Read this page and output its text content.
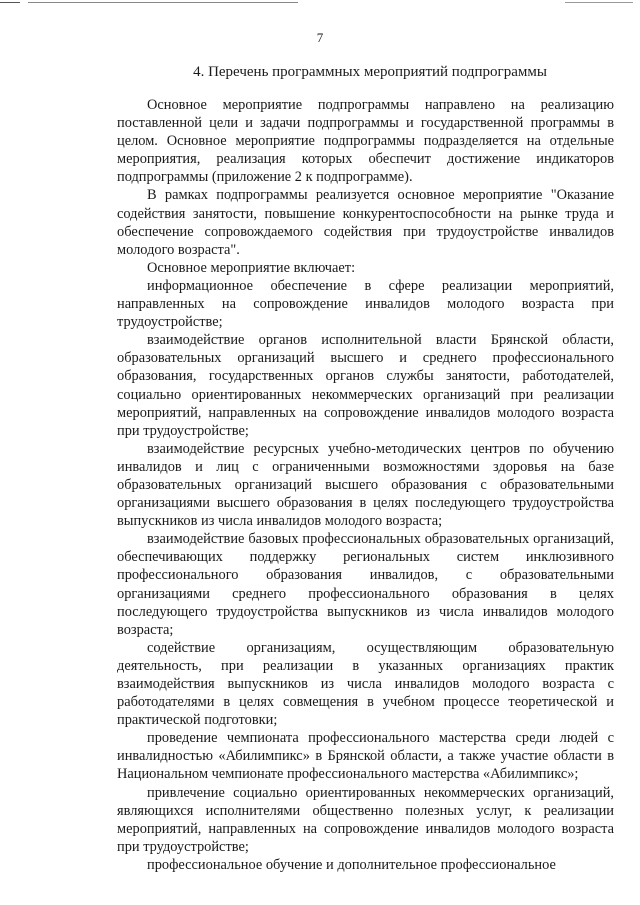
7
4. Перечень программных мероприятий подпрограммы

Основное мероприятие подпрограммы направлено на реализацию поставленной цели и задачи подпрограммы и государственной программы в целом. Основное мероприятие подпрограммы подразделяется на отдельные мероприятия, реализация которых обеспечит достижение индикаторов подпрограммы (приложение 2 к подпрограмме).

В рамках подпрограммы реализуется основное мероприятие "Оказание содействия занятости, повышение конкурентоспособности на рынке труда и обеспечение сопровождаемого содействия при трудоустройстве инвалидов молодого возраста".

Основное мероприятие включает:

информационное обеспечение в сфере реализации мероприятий, направленных на сопровождение инвалидов молодого возраста при трудоустройстве;

взаимодействие органов исполнительной власти Брянской области, образовательных организаций высшего и среднего профессионального образования, государственных органов службы занятости, работодателей, социально ориентированных некоммерческих организаций при реализации мероприятий, направленных на сопровождение инвалидов молодого возраста при трудоустройстве;

взаимодействие ресурсных учебно-методических центров по обучению инвалидов и лиц с ограниченными возможностями здоровья на базе образовательных организаций высшего образования с образовательными организациями высшего образования в целях последующего трудоустройства выпускников из числа инвалидов молодого возраста;

взаимодействие базовых профессиональных образовательных организаций, обеспечивающих поддержку региональных систем инклюзивного профессионального образования инвалидов, с образовательными организациями среднего профессионального образования в целях последующего трудоустройства выпускников из числа инвалидов молодого возраста;

содействие организациям, осуществляющим образовательную деятельность, при реализации в указанных организациях практик взаимодействия выпускников из числа инвалидов молодого возраста с работодателями в целях совмещения в учебном процессе теоретической и практической подготовки;

проведение чемпионата профессионального мастерства среди людей с инвалидностью «Абилимпикс» в Брянской области, а также участие области в Национальном чемпионате профессионального мастерства «Абилимпикс»;

привлечение социально ориентированных некоммерческих организаций, являющихся исполнителями общественно полезных услуг, к реализации мероприятий, направленных на сопровождение инвалидов молодого возраста при трудоустройстве;

профессиональное обучение и дополнительное профессиональное
